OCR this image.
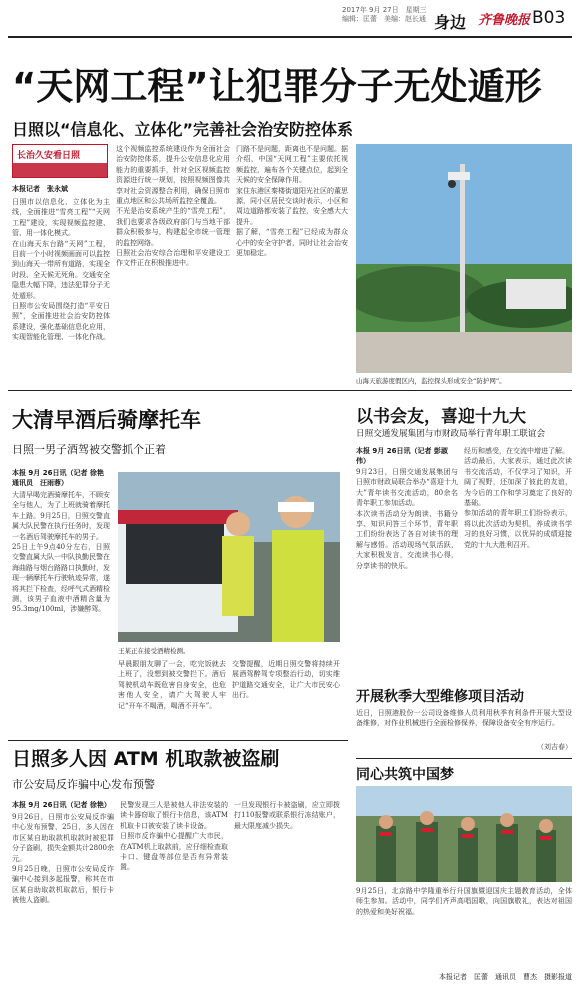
2017年 9月 27日　星期三
编辑：匡蕾　美编：赵长通 身边 齐鲁晚报 B03
“天网工程”让犯罪分子无处遁形
日照以“信息化、立体化”完善社会治安防控体系
长治久安看日照
本报记者　张永斌
日照市以信息化、立体化为主线，全面推进“雪亮工程”“天网工程”建设，实现视频监控建、管、用一体化模式。
在山海天东台路“天网”工程，目前一个小时视频画面可以监控到山海天一带所有道路，实现全时段、全天候无死角。交通安全隐患大幅下降，违法犯罪分子无处遁形。
日照市公安局围绕打造“平安日照”，全面推进社会治安防控体系建设，强化基础信息化应用，实现智能化管理、一体化作战。
这个视频监控系统建设作为全面社会治安防控体系，提升公安信息化应用能力的重要抓手，针对全区视频监控资源进行统一规划，按照视频图像共享对社会资源整合利用，确保日照市重点地区和公共场所监控全覆盖。
不光是治安系统产生的“雪亮工程”，我们也要求各级政府部门与当地干部群众积极参与，构建起全市统一管理的监控网络。
日照社会治安综合治理和平安建设工作文件正在积极推进中。
门路不是问题，距离也不是问题。据介绍，中国“天网工程”主要依托视频监控，遍布各个关键点位，起到全天候的安全保障作用。
家住东港区秦楼街道阳光社区的董思源，同小区居民交谈时表示，小区和周边道路都安装了监控，安全感大大提升。
据了解，“雪亮工程”已经成为群众心中的安全守护者，同时让社会治安更加稳定。
山海天旅游度假区内，监控探头形成安全“防护网”。
大清早酒后骑摩托车
日照一男子酒驾被交警抓个正着
本报 9月 26日讯（记者 徐艳　通讯员　汪雨蓉）
大清早喝完酒骑摩托车，不顾安全与他人，为了上班就骑着摩托车上路。9月25日，日照交警直属大队民警在执行任务时，发现一名酒后驾驶摩托车的男子。
25日上午9点40分左右，日照交警直属大队一中队执勤民警在海曲路与烟台路路口执勤时，发现一辆摩托车行驶轨迹异常，遂将其拦下检查，经呼气式酒精检测，该男子血液中酒精含量为95.3mg/100ml，涉嫌醉驾。
王某正在接受酒精检测。
早晨跟朋友聊了一会，吃完饭就去上班了，没想到被交警拦下。酒后驾驶机动车既危害自身安全，也危害他人安全，请广大驾驶人牢记“开车不喝酒，喝酒不开车”。
交警提醒，近期日照交警将持续开展酒驾醉驾专项整治行动，切实维护道路交通安全，让广大市民安心出行。
以书会友，喜迎十九大
日照交通发展集团与市财政局举行青年职工联谊会
本报 9月 26日讯（记者 彭淑伟）
9月23日，日照交通发展集团与日照市财政局联合举办“喜迎十九大”青年读书交流活动，80余名青年职工参加活动。
本次读书活动分为朗读、书籍分享、知识问答三个环节，青年职工们纷纷表达了各自对读书的理解与感悟。活动现场气氛活跃，大家积极发言，交流读书心得，分享读书的快乐。
经历和感受，在交流中增进了解。
活动最后，大家表示，通过此次读书交流活动，不仅学习了知识，开阔了视野，还加深了彼此的友谊，为今后的工作和学习奠定了良好的基础。
参加活动的青年职工们纷纷表示，将以此次活动为契机，养成读书学习的良好习惯，以优异的成绩迎接党的十九大胜利召开。
开展秋季大型维修项目活动
近日，日照港股份一公司设备维修人员利用秋季有利条件开展大型设备维修，对作业机械进行全面检修保养，保障设备安全有序运行。
（刘吉春）
日照多人因 ATM 机取款被盗刷
市公安局反诈骗中心发布预警
本报 9月 26日讯（记者 徐艳）
9月26日，日照市公安局反诈骗中心发布预警，25日，多人因在市区某自助取款机取款时被犯罪分子盗刷，损失金额共计2800余元。
9月25日晚，日照市公安局反诈骗中心接到多起报警，称其在市区某自助取款机取款后，银行卡被他人盗刷。
民警发现三人是被他人非法安装的读卡器窃取了银行卡信息，该ATM机取卡口被安装了读卡设备。
日照市反诈骗中心提醒广大市民，在ATM机上取款前，应仔细检查取卡口、键盘等部位是否有异常装置。
一旦发现银行卡被盗刷，应立即拨打110报警或联系银行冻结账户，最大限度减少损失。
同心共筑中国梦
9月25日，北京路中学隆重举行升国旗暨迎国庆主题教育活动，全体师生参加。活动中，同学们齐声高唱国歌，向国旗敬礼，表达对祖国的热爱和美好祝福。
本报记者　匡蕾　通讯员　曹杰　摄影报道
